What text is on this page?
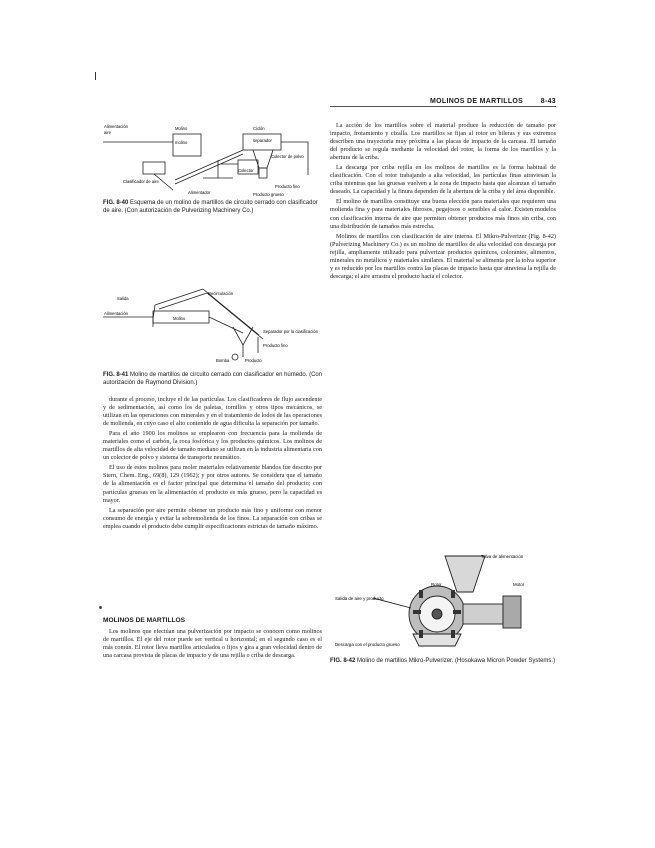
MOLINOS DE MARTILLOS	8-43
Alimentación
aire
Molino
molino
Ciclón
separador
Colector de polvo
Colector
Clasificador de aire
Producto fino
Alimentador	Producto grueso
FIG. 8-40 Esquema de un molino de martillos de circuito cerrado con clasificador de aire. (Con autorización de Pulverizing Machinery Co.)
Recirculación
Salida
Alimentación
Molino
Separador por la clasificación
Producto fino
Bomba	Producto
FIG. 8-41 Molino de martillos de circuito cerrado con clasificador en húmedo. (Con autorización de Raymond Division.)

durante el proceso, incluye el de las partículas. Los clasificadores de flujo ascendente y de sedimentación, así como los de paletas, tornillos y otros tipos mecánicos, se utilizan en las operaciones con minerales y en el tratamiento de lodos de las operaciones de molienda, en cuyo caso el alto contenido de agua dificulta la separación por tamaño.

Para el año 1900 los molinos se emplearon con frecuencia para la molienda de materiales como el carbón, la roca fosfórica y los productos químicos. Los molinos de martillos de alta velocidad de tamaño mediano se utilizan en la industria alimentaria con un colector de polvo y sistema de transporte neumático.

El uso de estos molinos para moler materiales relativamente blandos fue descrito por Stern, Chem. Eng., 69(8), 129 (1962); y por otros autores. Se considera que el tamaño de la alimentación es el factor principal que determina el tamaño del producto; con partículas gruesas en la alimentación el producto es más grueso, pero la capacidad es mayor.

La separación por aire permite obtener un producto más fino y uniforme con menor consumo de energía y evitar la sobremolienda de los finos. La separación con cribas se emplea cuando el producto debe cumplir especificaciones estrictas de tamaño máximo.

MOLINOS DE MARTILLOS

Los molinos que efectúan una pulverización por impacto se conocen como molinos de martillos. El eje del rotor puede ser vertical u horizontal; en el segundo caso es el más común. El rotor lleva martillos articulados o fijos y gira a gran velocidad dentro de una carcasa provista de placas de impacto y de una rejilla o criba de descarga.

La acción de los martillos sobre el material produce la reducción de tamaño por impacto, frotamiento y cizalla. Los martillos se fijan al rotor en hileras y sus extremos describen una trayectoria muy próxima a las placas de impacto de la carcasa. El tamaño del producto se regula mediante la velocidad del rotor, la forma de los martillos y la abertura de la criba.

La descarga por criba rejilla en los molinos de martillos es la forma habitual de clasificación. Con el rotor trabajando a alta velocidad, las partículas finas atraviesan la criba mientras que las gruesas vuelven a la zona de impacto hasta que alcanzan el tamaño deseado. La capacidad y la finura dependen de la abertura de la criba y del área disponible.

El molino de martillos constituye una buena elección para materiales que requieren una molienda fina y para materiales fibrosos, pegajosos o sensibles al calor. Existen modelos con clasificación interna de aire que permiten obtener productos más finos sin criba, con una distribución de tamaños más estrecha.

Molinos de martillos con clasificación de aire interna. El Mikro-Pulverizer (Fig. 8-42) (Pulverizing Machinery Co.) es un molino de martillos de alta velocidad con descarga por rejilla, ampliamente utilizado para pulverizar productos químicos, colorantes, alimentos, minerales no metálicos y materiales similares. El material se alimenta por la tolva superior y es reducido por los martillos contra las placas de impacto hasta que atraviesa la rejilla de descarga; el aire arrastra el producto hacia el colector.

Tolva de alimentación
Motor
Salida de aire y producto
Rotor
Descarga con el producto grueso
FIG. 8-42 Molino de martillos Mikro-Pulverizer. (Hosokawa Micron Powder Systems.)
